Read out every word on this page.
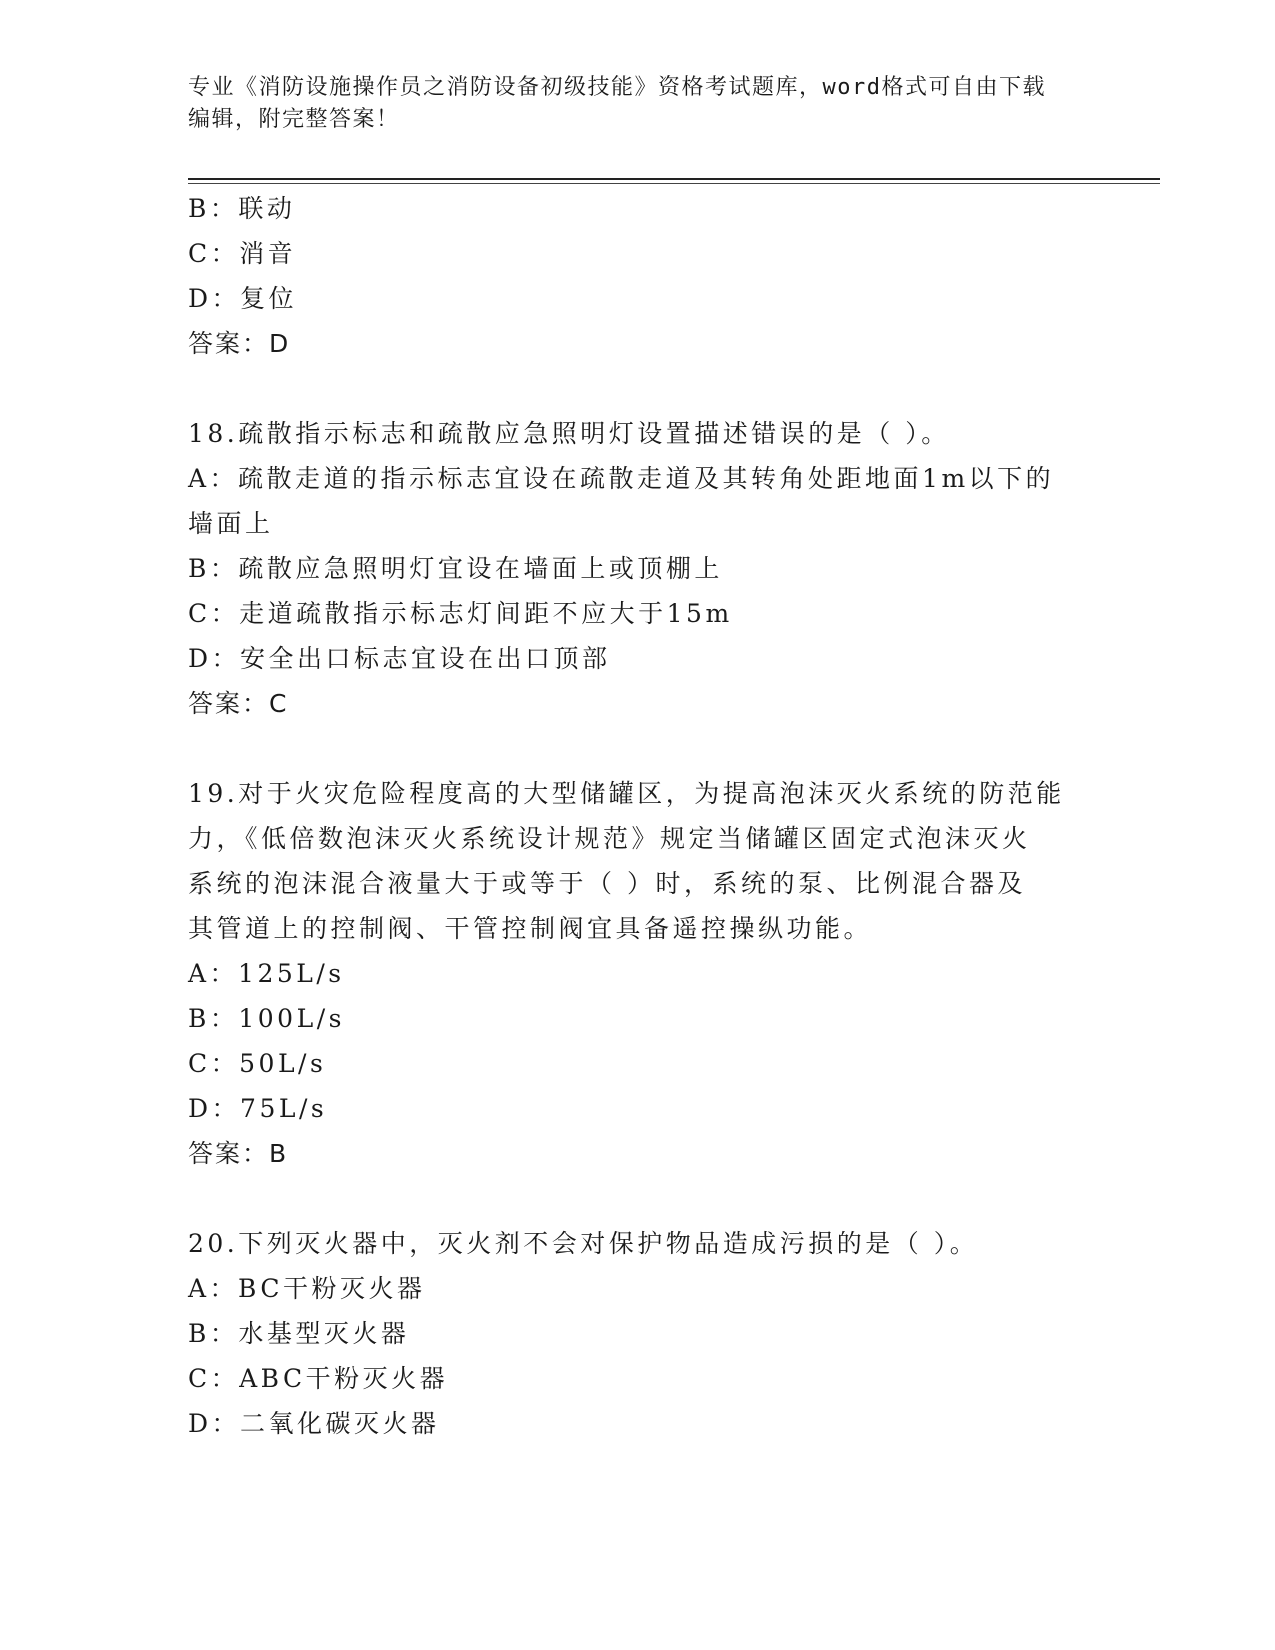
专业《消防设施操作员之消防设备初级技能》资格考试题库，word格式可自由下载编辑，附完整答案！
B：联动
C：消音
D：复位
答案：D
18.疏散指示标志和疏散应急照明灯设置描述错误的是（ ）。
A：疏散走道的指示标志宜设在疏散走道及其转角处距地面1m以下的
墙面上
B：疏散应急照明灯宜设在墙面上或顶棚上
C：走道疏散指示标志灯间距不应大于15m
D：安全出口标志宜设在出口顶部
答案：C
19.对于火灾危险程度高的大型储罐区，为提高泡沫灭火系统的防范能
力，《低倍数泡沫灭火系统设计规范》规定当储罐区固定式泡沫灭火
系统的泡沫混合液量大于或等于（ ）时，系统的泵、比例混合器及
其管道上的控制阀、干管控制阀宜具备遥控操纵功能。
A：125L/s
B：100L/s
C：50L/s
D：75L/s
答案：B
20.下列灭火器中，灭火剂不会对保护物品造成污损的是（ ）。
A：BC干粉灭火器
B：水基型灭火器
C：ABC干粉灭火器
D：二氧化碳灭火器
